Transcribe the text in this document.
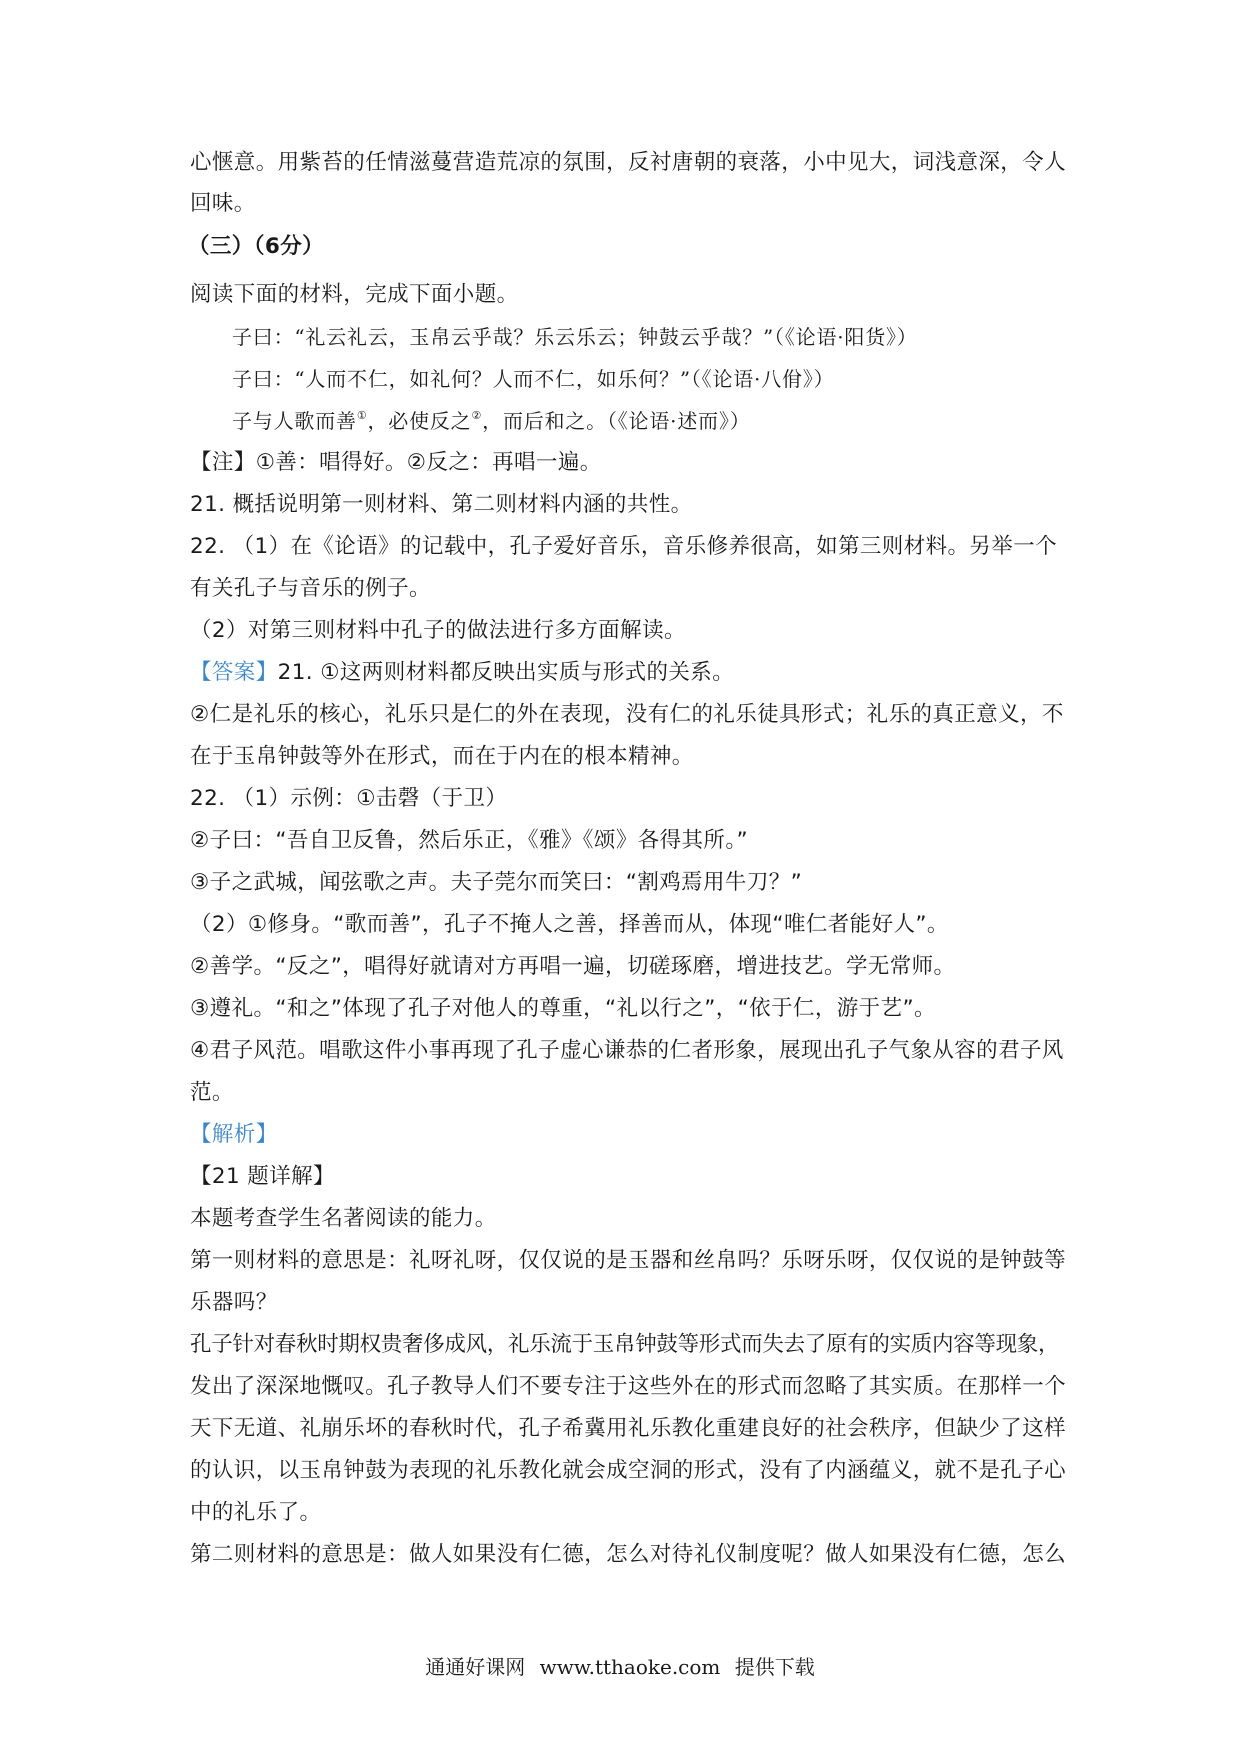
心惬意。用紫苔的任情滋蔓营造荒凉的氛围，反衬唐朝的衰落，小中见大，词浅意深，令人
回味。
（三）（6分）
阅读下面的材料，完成下面小题。
子曰：“礼云礼云，玉帛云乎哉？乐云乐云；钟鼓云乎哉？”（《论语·阳货》）
子曰：“人而不仁，如礼何？人而不仁，如乐何？”（《论语·八佾》）
子与人歌而善①，必使反之②，而后和之。（《论语·述而》）
【注】①善：唱得好。②反之：再唱一遍。
21. 概括说明第一则材料、第二则材料内涵的共性。
22. （1）在《论语》的记载中，孔子爱好音乐，音乐修养很高，如第三则材料。另举一个
有关孔子与音乐的例子。
（2）对第三则材料中孔子的做法进行多方面解读。
【答案】21. ①这两则材料都反映出实质与形式的关系。
②仁是礼乐的核心，礼乐只是仁的外在表现，没有仁的礼乐徒具形式；礼乐的真正意义，不
在于玉帛钟鼓等外在形式，而在于内在的根本精神。
22. （1）示例：①击磬（于卫）
②子曰：“吾自卫反鲁，然后乐正，《雅》《颂》各得其所。”
③子之武城，闻弦歌之声。夫子莞尔而笑曰：“割鸡焉用牛刀？”
（2）①修身。“歌而善”，孔子不掩人之善，择善而从，体现“唯仁者能好人”。
②善学。“反之”，唱得好就请对方再唱一遍，切磋琢磨，增进技艺。学无常师。
③遵礼。“和之”体现了孔子对他人的尊重，“礼以行之”，“依于仁，游于艺”。
④君子风范。唱歌这件小事再现了孔子虚心谦恭的仁者形象，展现出孔子气象从容的君子风
范。
【解析】
【21 题详解】
本题考查学生名著阅读的能力。
第一则材料的意思是：礼呀礼呀，仅仅说的是玉器和丝帛吗？乐呀乐呀，仅仅说的是钟鼓等
乐器吗？
孔子针对春秋时期权贵奢侈成风，礼乐流于玉帛钟鼓等形式而失去了原有的实质内容等现象，
发出了深深地慨叹。孔子教导人们不要专注于这些外在的形式而忽略了其实质。在那样一个
天下无道、礼崩乐坏的春秋时代，孔子希冀用礼乐教化重建良好的社会秩序，但缺少了这样
的认识，以玉帛钟鼓为表现的礼乐教化就会成空洞的形式，没有了内涵蕴义，就不是孔子心
中的礼乐了。
第二则材料的意思是：做人如果没有仁德，怎么对待礼仪制度呢？做人如果没有仁德，怎么
通通好课网 www.tthaoke.com 提供下载
